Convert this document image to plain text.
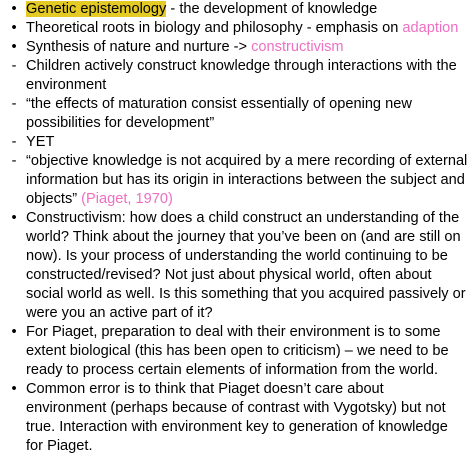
• Genetic epistemology - the development of knowledge
• Theoretical roots in biology and philosophy - emphasis on adaption
• Synthesis of nature and nurture -> constructivism
- Children actively construct knowledge through interactions with the environment
- “the effects of maturation consist essentially of opening new possibilities for development”
- YET
- “objective knowledge is not acquired by a mere recording of external information but has its origin in interactions between the subject and objects” (Piaget, 1970)
• Constructivism: how does a child construct an understanding of the world? Think about the journey that you’ve been on (and are still on now). Is your process of understanding the world continuing to be constructed/revised? Not just about physical world, often about social world as well. Is this something that you acquired passively or were you an active part of it?
• For Piaget, preparation to deal with their environment is to some extent biological (this has been open to criticism) – we need to be ready to process certain elements of information from the world.
• Common error is to think that Piaget doesn’t care about environment (perhaps because of contrast with Vygotsky) but not true. Interaction with environment key to generation of knowledge for Piaget.
